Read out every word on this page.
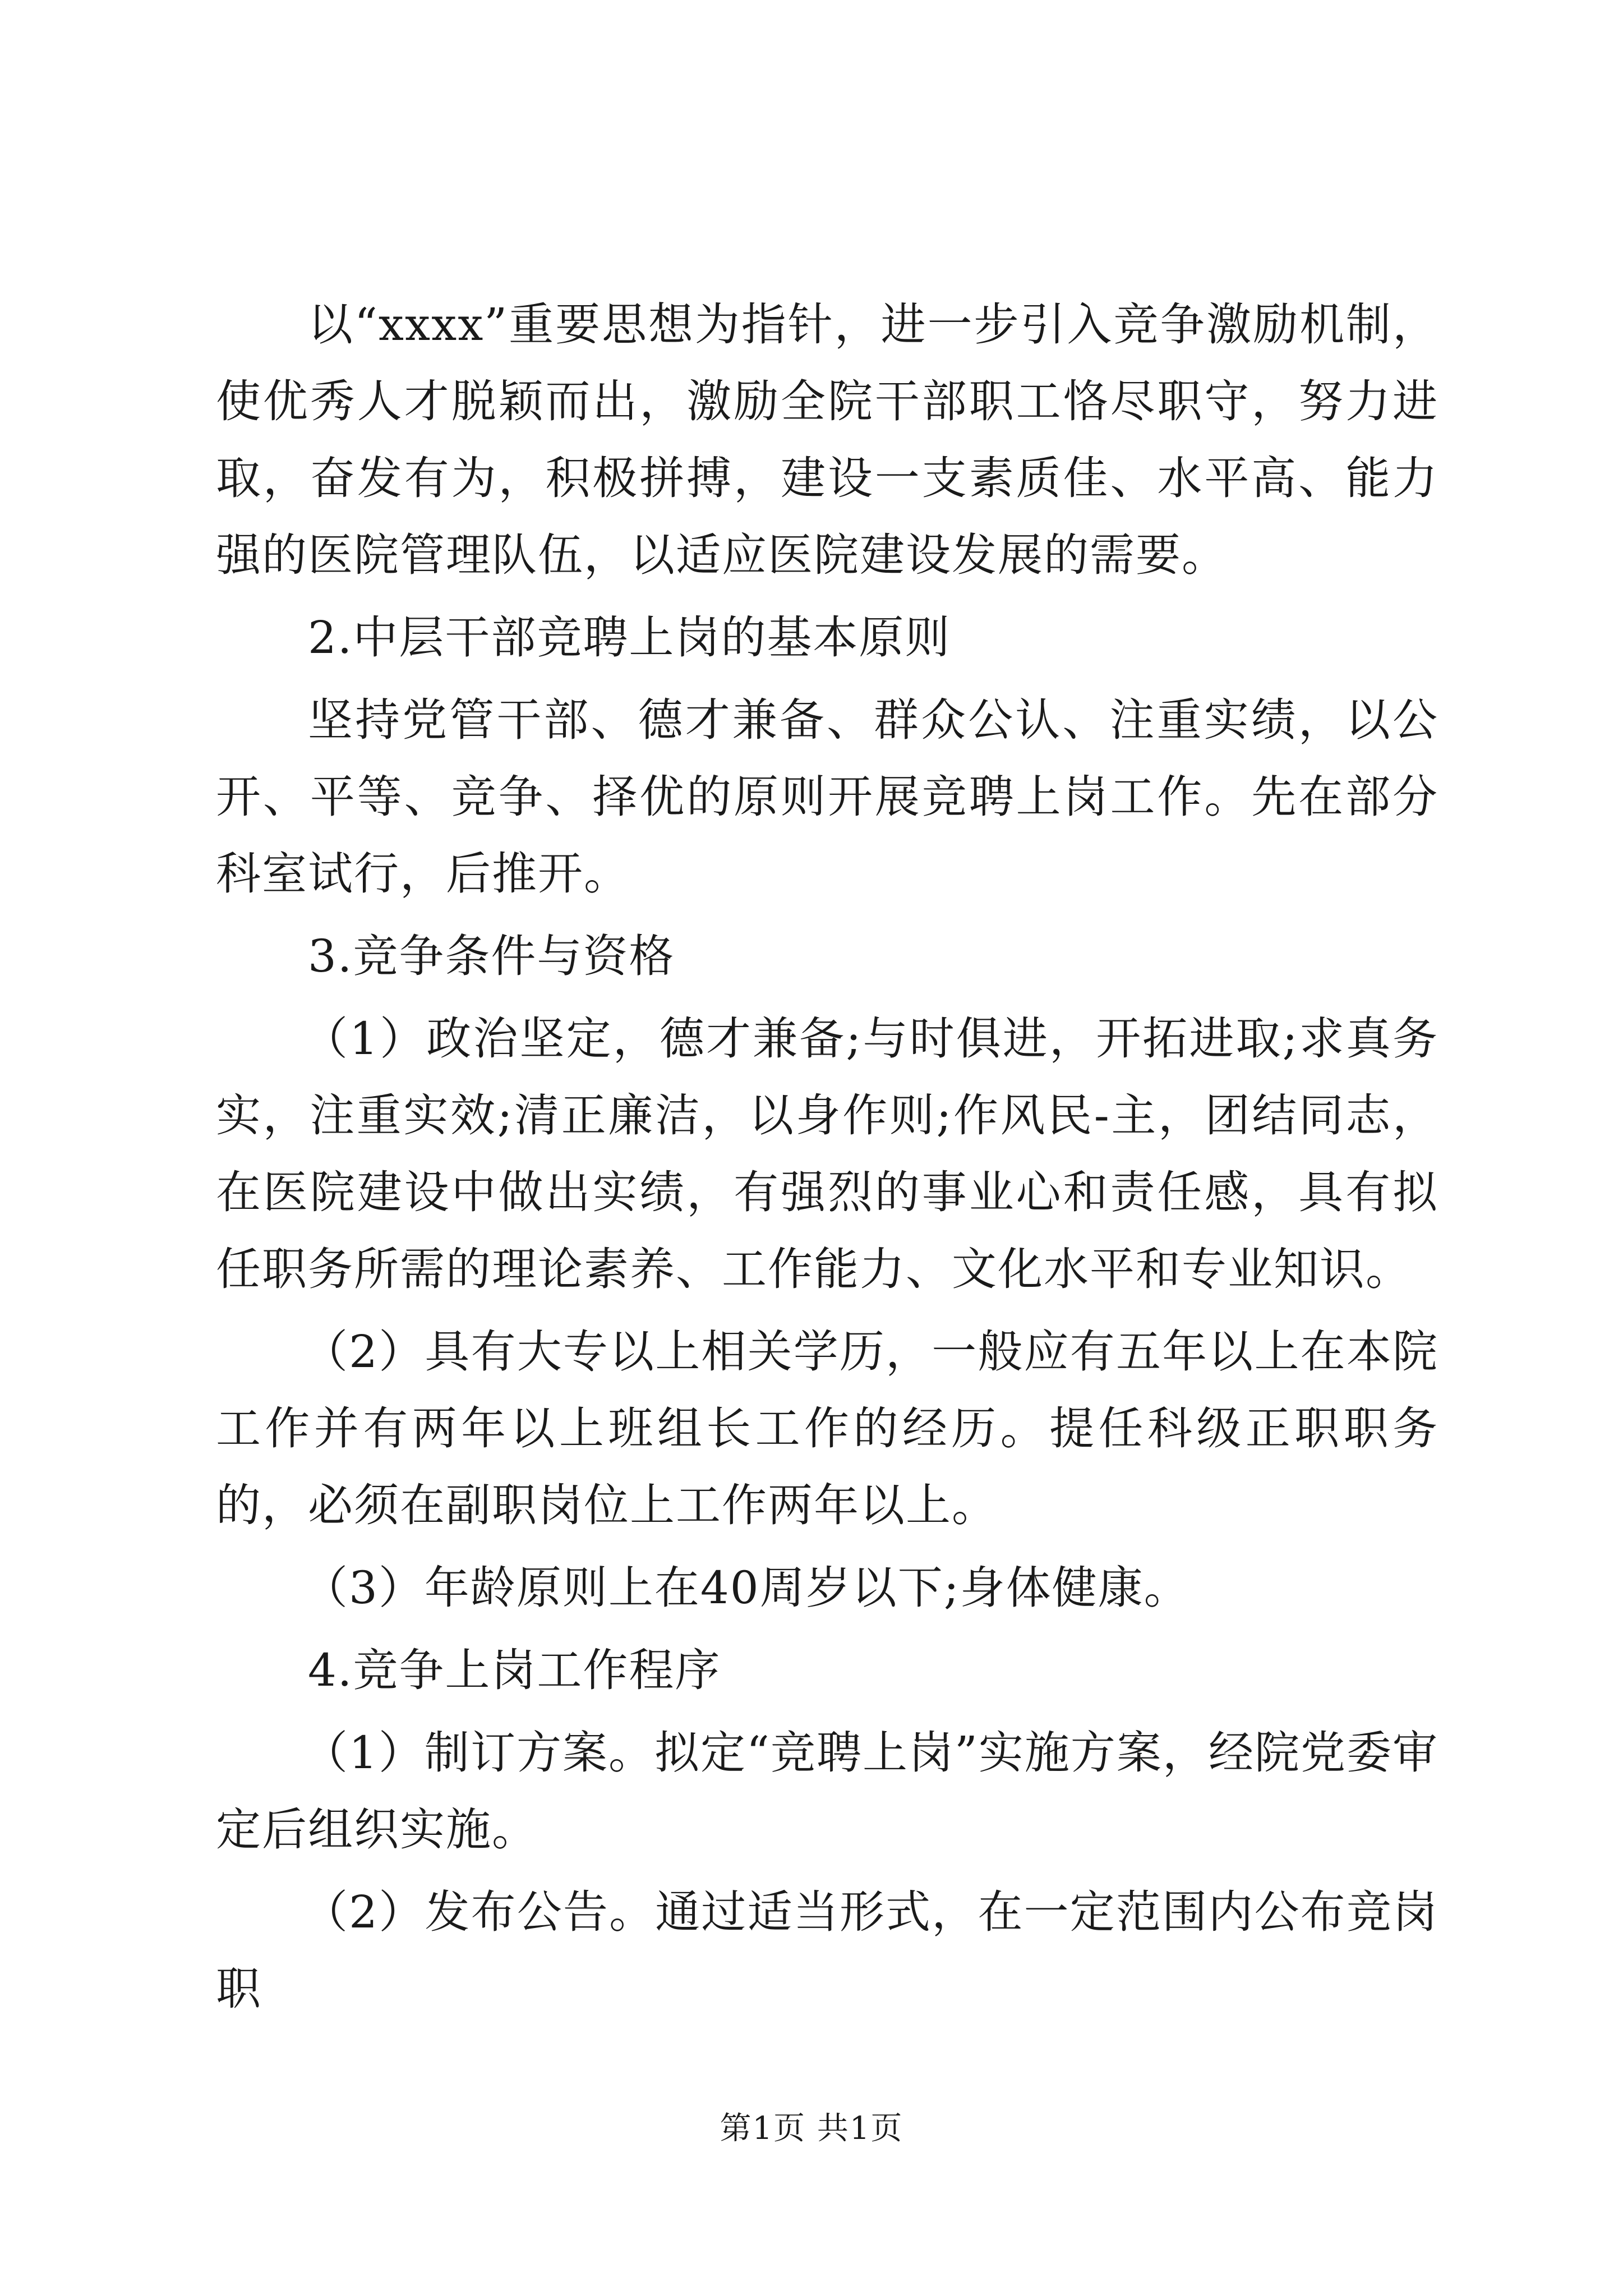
以“xxxx”重要思想为指针，进一步引入竞争激励机制，使优秀人才脱颖而出，激励全院干部职工恪尽职守，努力进取，奋发有为，积极拼搏，建设一支素质佳、水平高、能力强的医院管理队伍，以适应医院建设发展的需要。

2.中层干部竞聘上岗的基本原则

坚持党管干部、德才兼备、群众公认、注重实绩，以公开、平等、竞争、择优的原则开展竞聘上岗工作。先在部分科室试行，后推开。

3.竞争条件与资格

（1）政治坚定，德才兼备;与时俱进，开拓进取;求真务实，注重实效;清正廉洁，以身作则;作风民-主，团结同志，在医院建设中做出实绩，有强烈的事业心和责任感，具有拟任职务所需的理论素养、工作能力、文化水平和专业知识。

（2）具有大专以上相关学历，一般应有五年以上在本院工作并有两年以上班组长工作的经历。提任科级正职职务的，必须在副职岗位上工作两年以上。

（3）年龄原则上在40周岁以下;身体健康。

4.竞争上岗工作程序

（1）制订方案。拟定“竞聘上岗”实施方案，经院党委审定后组织实施。

（2）发布公告。通过适当形式，在一定范围内公布竞岗职

第1页 共1页
